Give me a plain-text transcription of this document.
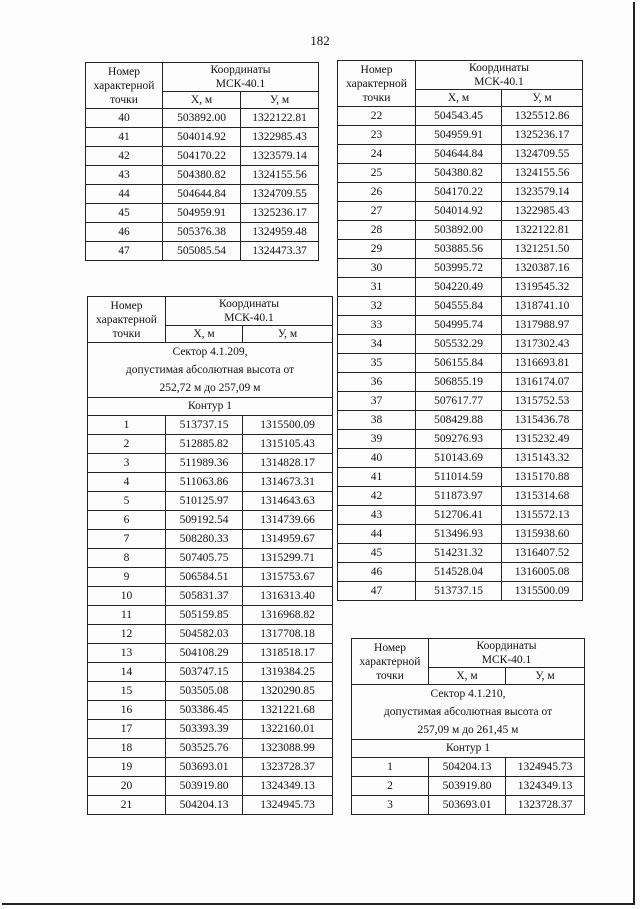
182
Номер
характерной
точки	Координаты
МСК-40.1	
	X, м	У, м
40	503892.00	1322122.81
41	504014.92	1322985.43
42	504170.22	1323579.14
43	504380.82	1324155.56
44	504644.84	1324709.55
45	504959.91	1325236.17
46	505376.38	1324959.48
47	505085.54	1324473.37
Номер
характерной
точки	Координаты
МСК-40.1	
	X, м	У, м
Сектор 4.1.209,
допустимая абсолютная высота от
252,72 м до 257,09 м		
Контур 1		
1	513737.15	1315500.09
2	512885.82	1315105.43
3	511989.36	1314828.17
4	511063.86	1314673.31
5	510125.97	1314643.63
6	509192.54	1314739.66
7	508280.33	1314959.67
8	507405.75	1315299.71
9	506584.51	1315753.67
10	505831.37	1316313.40
11	505159.85	1316968.82
12	504582.03	1317708.18
13	504108.29	1318518.17
14	503747.15	1319384.25
15	503505.08	1320290.85
16	503386.45	1321221.68
17	503393.39	1322160.01
18	503525.76	1323088.99
19	503693.01	1323728.37
20	503919.80	1324349.13
21	504204.13	1324945.73
Номер
характерной
точки	Координаты
МСК-40.1	
	X, м	У, м
22	504543.45	1325512.86
23	504959.91	1325236.17
24	504644.84	1324709.55
25	504380.82	1324155.56
26	504170.22	1323579.14
27	504014.92	1322985.43
28	503892.00	1322122.81
29	503885.56	1321251.50
30	503995.72	1320387.16
31	504220.49	1319545.32
32	504555.84	1318741.10
33	504995.74	1317988.97
34	505532.29	1317302.43
35	506155.84	1316693.81
36	506855.19	1316174.07
37	507617.77	1315752.53
38	508429.88	1315436.78
39	509276.93	1315232.49
40	510143.69	1315143.32
41	511014.59	1315170.88
42	511873.97	1315314.68
43	512706.41	1315572.13
44	513496.93	1315938.60
45	514231.32	1316407.52
46	514528.04	1316005.08
47	513737.15	1315500.09
Номер
характерной
точки	Координаты
МСК-40.1	
	X, м	У, м
Сектор 4.1.210,
допустимая абсолютная высота от
257,09 м до 261,45 м		
Контур 1		
1	504204.13	1324945.73
2	503919.80	1324349.13
3	503693.01	1323728.37
